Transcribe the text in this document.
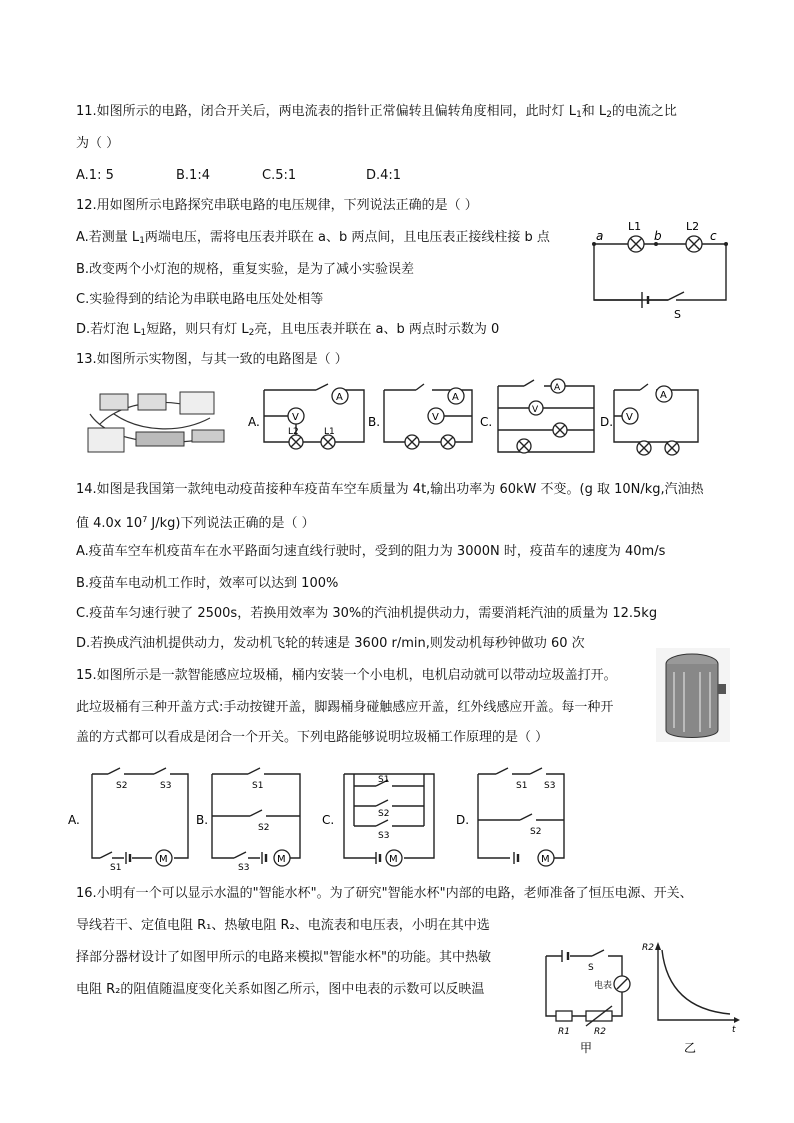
11.如图所示的电路，闭合开关后，两电流表的指针正常偏转且偏转角度相同，此时灯 $L_1$和 $L_2$的电流之比
为（ ）
A.1: 5	B.1:4	C.5:1	D.4:1
12.用如图所示电路探究串联电路的电压规律，下列说法正确的是（ ）
A.若测量 $L_1$两端电压，需将电压表并联在 a、b 两点间，且电压表正接线柱接 b 点
B.改变两个小灯泡的规格，重复实验，是为了减小实验误差
C.实验得到的结论为串联电路电压处处相等
D.若灯泡 $L_1$短路，则只有灯 $L_2$亮，且电压表并联在 a、b 两点时示数为 0
a	b	c
L1	L2
S
13.如图所示实物图，与其一致的电路图是（ ）
A.
A
V
L2	L1
B.
A
V	C.
A
V
D.
A
V
14.如图是我国第一款纯电动疫苗接种车疫苗车空车质量为 4t,输出功率为 60kW 不变。(g 取 10N/kg,汽油热
值 4.0x $10^7$ J/kg)下列说法正确的是（ ）
A.疫苗车空车机疫苗车在水平路面匀速直线行驶时，受到的阻力为 3000N 时，疫苗车的速度为 40m/s
B.疫苗车电动机工作时，效率可以达到 100%
C.疫苗车匀速行驶了 2500s，若换用效率为 30%的汽油机提供动力，需要消耗汽油的质量为 12.5kg
D.若换成汽油机提供动力，发动机飞轮的转速是 3600 r/min,则发动机每秒钟做功 60 次
15.如图所示是一款智能感应垃圾桶，桶内安装一个小电机，电机启动就可以带动垃圾盖打开。
此垃圾桶有三种开盖方式:手动按键开盖，脚踢桶身碰触感应开盖，红外线感应开盖。每一种开
盖的方式都可以看成是闭合一个开关。下列电路能够说明垃圾桶工作原理的是（ ）
A.
M
S2	S3
S1
B.
M
S1
S2
S3
C.
M
S1
S2
S3
D.
M
S1 S3
S2
16.小明有一个可以显示水温的"智能水杯"。为了研究"智能水杯"内部的电路，老师准备了恒压电源、开关、
导线若干、定值电阻 R₁、热敏电阻 R₂、电流表和电压表，小明在其中选
择部分器材设计了如图甲所示的电路来模拟"智能水杯"的功能。其中热敏
电阻 R₂的阻值随温度变化关系如图乙所示，图中电表的示数可以反映温
S
电表
R1	R2
甲
R2
t
乙
